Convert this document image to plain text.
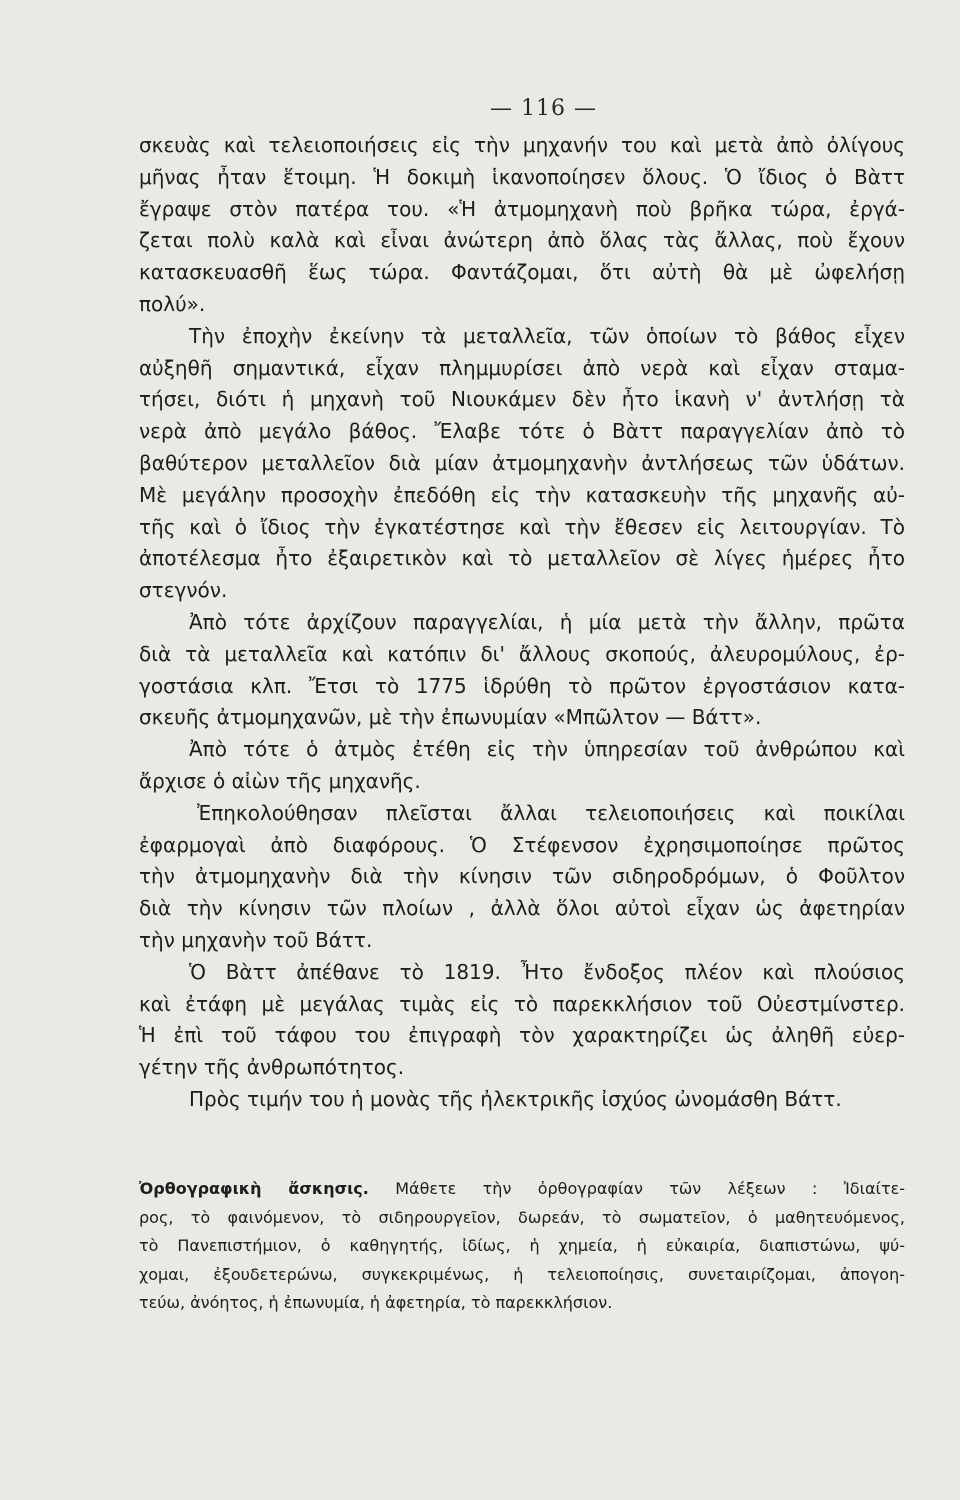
— 116 —
σκευὰς καὶ τελειοποιήσεις εἰς τὴν μηχανήν του καὶ μετὰ ἀπὸ ὀλίγους
μῆνας ἦταν ἕτοιμη. Ἡ δοκιμὴ ἱκανοποίησεν ὅλους. Ὁ ἴδιος ὁ Βὰττ
ἔγραψε στὸν πατέρα του. «Ἡ ἀτμομηχανὴ ποὺ βρῆκα τώρα, ἐργά-
ζεται πολὺ καλὰ καὶ εἶναι ἀνώτερη ἀπὸ ὅλας τὰς ἄλλας, ποὺ ἔχουν
κατασκευασθῆ ἕως τώρα. Φαντάζομαι, ὅτι αὐτὴ θὰ μὲ ὠφελήσῃ
πολύ».
Τὴν ἐποχὴν ἐκείνην τὰ μεταλλεῖα, τῶν ὁποίων τὸ βάθος εἶχεν
αὐξηθῆ σημαντικά, εἶχαν πλημμυρίσει ἀπὸ νερὰ καὶ εἶχαν σταμα-
τήσει, διότι ἡ μηχανὴ τοῦ Νιουκάμεν δὲν ἦτο ἱκανὴ ν' ἀντλήσῃ τὰ
νερὰ ἀπὸ μεγάλο βάθος. Ἔλαβε τότε ὁ Βὰττ παραγγελίαν ἀπὸ τὸ
βαθύτερον μεταλλεῖον διὰ μίαν ἀτμομηχανὴν ἀντλήσεως τῶν ὑδάτων.
Μὲ μεγάλην προσοχὴν ἐπεδόθη εἰς τὴν κατασκευὴν τῆς μηχανῆς αὐ-
τῆς καὶ ὁ ἴδιος τὴν ἐγκατέστησε καὶ τὴν ἔθεσεν εἰς λειτουργίαν. Τὸ
ἀποτέλεσμα ἦτο ἐξαιρετικὸν καὶ τὸ μεταλλεῖον σὲ λίγες ἡμέρες ἦτο
στεγνόν.
Ἀπὸ τότε ἀρχίζουν παραγγελίαι, ἡ μία μετὰ τὴν ἄλλην, πρῶτα
διὰ τὰ μεταλλεῖα καὶ κατόπιν δι' ἄλλους σκοπούς, ἀλευρομύλους, ἐρ-
γοστάσια κλπ. Ἔτσι τὸ 1775 ἱδρύθη τὸ πρῶτον ἐργοστάσιον κατα-
σκευῆς ἀτμομηχανῶν, μὲ τὴν ἐπωνυμίαν «Μπῶλτον — Βάττ».
Ἀπὸ τότε ὁ ἀτμὸς ἐτέθη εἰς τὴν ὑπηρεσίαν τοῦ ἀνθρώπου καὶ
ἄρχισε ὁ αἰὼν τῆς μηχανῆς.
Ἐπηκολούθησαν πλεῖσται ἄλλαι τελειοποιήσεις καὶ ποικίλαι
ἐφαρμογαὶ ἀπὸ διαφόρους. Ὁ Στέφενσον ἐχρησιμοποίησε πρῶτος
τὴν ἀτμομηχανὴν διὰ τὴν κίνησιν τῶν σιδηροδρόμων, ὁ Φοῦλτον
διὰ τὴν κίνησιν τῶν πλοίων , ἀλλὰ ὅλοι αὐτοὶ εἶχαν ὡς ἀφετηρίαν
τὴν μηχανὴν τοῦ Βάττ.
Ὁ Βὰττ ἀπέθανε τὸ 1819. Ἦτο ἔνδοξος πλέον καὶ πλούσιος
καὶ ἐτάφη μὲ μεγάλας τιμὰς εἰς τὸ παρεκκλήσιον τοῦ Οὐεστμίνστερ.
Ἡ ἐπὶ τοῦ τάφου του ἐπιγραφὴ τὸν χαρακτηρίζει ὡς ἀληθῆ εὐερ-
γέτην τῆς ἀνθρωπότητος.
Πρὸς τιμήν του ἡ μονὰς τῆς ἠλεκτρικῆς ἰσχύος ὠνομάσθη Βάττ.
Ὀρθογραφικὴ ἄσκησις. Μάθετε τὴν ὀρθογραφίαν τῶν λέξεων : Ἰδιαίτε-
ρος, τὸ φαινόμενον, τὸ σιδηρουργεῖον, δωρεάν, τὸ σωματεῖον, ὁ μαθητευόμενος,
τὸ Πανεπιστήμιον, ὁ καθηγητής, ἰδίως, ἡ χημεία, ἡ εὐκαιρία, διαπιστώνω, ψύ-
χομαι, ἐξουδετερώνω, συγκεκριμένως, ἡ τελειοποίησις, συνεταιρίζομαι, ἀπογοη-
τεύω, ἀνόητος, ἡ ἐπωνυμία, ἡ ἀφετηρία, τὸ παρεκκλήσιον.
